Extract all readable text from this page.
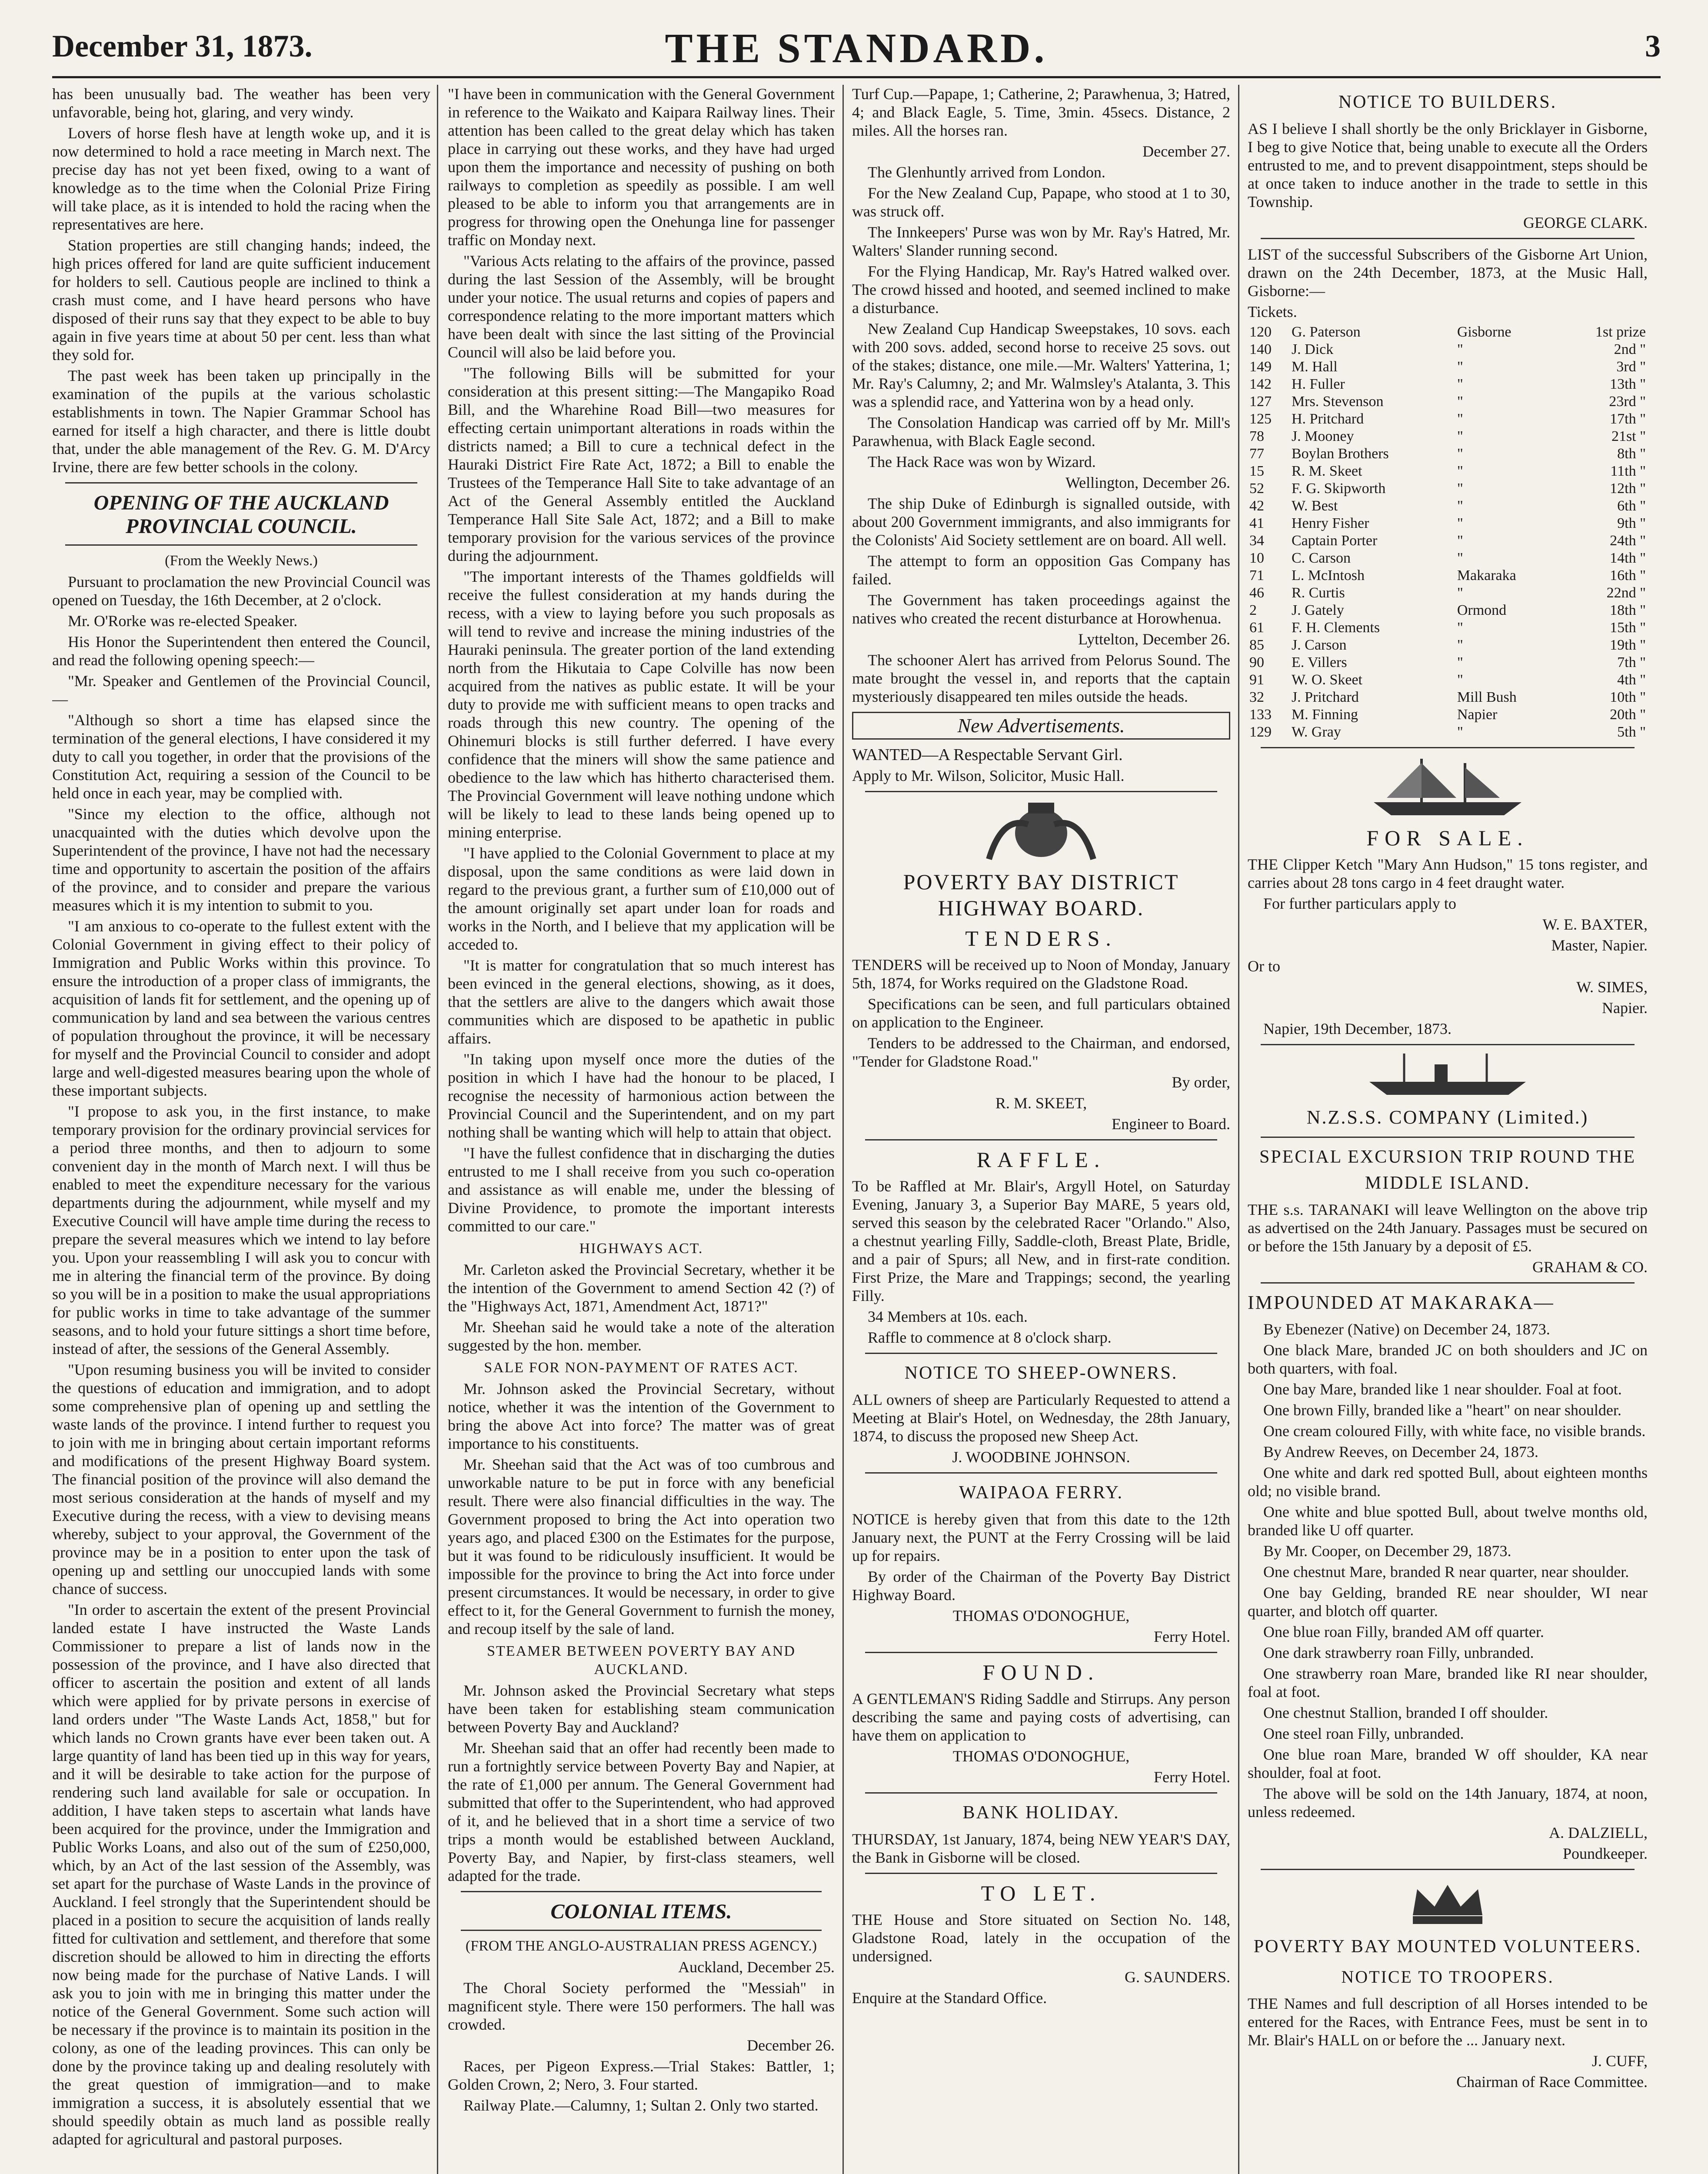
December 31, 1873.	THE STANDARD.	3

has been unusually bad. The weather has been very unfavorable, being hot, glaring, and very windy.

Lovers of horse flesh have at length woke up, and it is now determined to hold a race meeting in March next. The precise day has not yet been fixed, owing to a want of knowledge as to the time when the Colonial Prize Firing will take place, as it is intended to hold the racing when the representatives are here.

Station properties are still changing hands; indeed, the high prices offered for land are quite sufficient inducement for holders to sell. Cautious people are inclined to think a crash must come, and I have heard persons who have disposed of their runs say that they expect to be able to buy again in five years time at about 50 per cent. less than what they sold for.

The past week has been taken up principally in the examination of the pupils at the various scholastic establishments in town. The Napier Grammar School has earned for itself a high character, and there is little doubt that, under the able management of the Rev. G. M. D'Arcy Irvine, there are few better schools in the colony.

OPENING OF THE AUCKLAND PROVINCIAL COUNCIL.
(From the Weekly News.)

Pursuant to proclamation the new Provincial Council was opened on Tuesday, the 16th December, at 2 o'clock.

Mr. O'Rorke was re-elected Speaker.

His Honor the Superintendent then entered the Council, and read the following opening speech:—

"Mr. Speaker and Gentlemen of the Provincial Council,—

"Although so short a time has elapsed since the termination of the general elections, I have considered it my duty to call you together, in order that the provisions of the Constitution Act, requiring a session of the Council to be held once in each year, may be complied with.

"Since my election to the office, although not unacquainted with the duties which devolve upon the Superintendent of the province, I have not had the necessary time and opportunity to ascertain the position of the affairs of the province, and to consider and prepare the various measures which it is my intention to submit to you.

"I am anxious to co-operate to the fullest extent with the Colonial Government in giving effect to their policy of Immigration and Public Works within this province. To ensure the introduction of a proper class of immigrants, the acquisition of lands fit for settlement, and the opening up of communication by land and sea between the various centres of population throughout the province, it will be necessary for myself and the Provincial Council to consider and adopt large and well-digested measures bearing upon the whole of these important subjects.

"I propose to ask you, in the first instance, to make temporary provision for the ordinary provincial services for a period three months, and then to adjourn to some convenient day in the month of March next. I will thus be enabled to meet the expenditure necessary for the various departments during the adjournment, while myself and my Executive Council will have ample time during the recess to prepare the several measures which we intend to lay before you. Upon your reassembling I will ask you to concur with me in altering the financial term of the province. By doing so you will be in a position to make the usual appropriations for public works in time to take advantage of the summer seasons, and to hold your future sittings a short time before, instead of after, the sessions of the General Assembly.

"Upon resuming business you will be invited to consider the questions of education and immigration, and to adopt some comprehensive plan of opening up and settling the waste lands of the province. I intend further to request you to join with me in bringing about certain important reforms and modifications of the present Highway Board system. The financial position of the province will also demand the most serious consideration at the hands of myself and my Executive during the recess, with a view to devising means whereby, subject to your approval, the Government of the province may be in a position to enter upon the task of opening up and settling our unoccupied lands with some chance of success.

"In order to ascertain the extent of the present Provincial landed estate I have instructed the Waste Lands Commissioner to prepare a list of lands now in the possession of the province, and I have also directed that officer to ascertain the position and extent of all lands which were applied for by private persons in exercise of land orders under "The Waste Lands Act, 1858," but for which lands no Crown grants have ever been taken out. A large quantity of land has been tied up in this way for years, and it will be desirable to take action for the purpose of rendering such land available for sale or occupation. In addition, I have taken steps to ascertain what lands have been acquired for the province, under the Immigration and Public Works Loans, and also out of the sum of £250,000, which, by an Act of the last session of the Assembly, was set apart for the purchase of Waste Lands in the province of Auckland. I feel strongly that the Superintendent should be placed in a position to secure the acquisition of lands really fitted for cultivation and settlement, and therefore that some discretion should be allowed to him in directing the efforts now being made for the purchase of Native Lands. I will ask you to join with me in bringing this matter under the notice of the General Government. Some such action will be necessary if the province is to maintain its position in the colony, as one of the leading provinces. This can only be done by the province taking up and dealing resolutely with the great question of immigration—and to make immigration a success, it is absolutely essential that we should speedily obtain as much land as possible really adapted for agricultural and pastoral purposes.

"I have been in communication with the General Government in reference to the Waikato and Kaipara Railway lines. Their attention has been called to the great delay which has taken place in carrying out these works, and they have had urged upon them the importance and necessity of pushing on both railways to completion as speedily as possible. I am well pleased to be able to inform you that arrangements are in progress for throwing open the Onehunga line for passenger traffic on Monday next.

"Various Acts relating to the affairs of the province, passed during the last Session of the Assembly, will be brought under your notice. The usual returns and copies of papers and correspondence relating to the more important matters which have been dealt with since the last sitting of the Provincial Council will also be laid before you.

"The following Bills will be submitted for your consideration at this present sitting:—The Mangapiko Road Bill, and the Wharehine Road Bill—two measures for effecting certain unimportant alterations in roads within the districts named; a Bill to cure a technical defect in the Hauraki District Fire Rate Act, 1872; a Bill to enable the Trustees of the Temperance Hall Site to take advantage of an Act of the General Assembly entitled the Auckland Temperance Hall Site Sale Act, 1872; and a Bill to make temporary provision for the various services of the province during the adjournment.

"The important interests of the Thames goldfields will receive the fullest consideration at my hands during the recess, with a view to laying before you such proposals as will tend to revive and increase the mining industries of the Hauraki peninsula. The greater portion of the land extending north from the Hikutaia to Cape Colville has now been acquired from the natives as public estate. It will be your duty to provide me with sufficient means to open tracks and roads through this new country. The opening of the Ohinemuri blocks is still further deferred. I have every confidence that the miners will show the same patience and obedience to the law which has hitherto characterised them. The Provincial Government will leave nothing undone which will be likely to lead to these lands being opened up to mining enterprise.

"I have applied to the Colonial Government to place at my disposal, upon the same conditions as were laid down in regard to the previous grant, a further sum of £10,000 out of the amount originally set apart under loan for roads and works in the North, and I believe that my application will be acceded to.

"It is matter for congratulation that so much interest has been evinced in the general elections, showing, as it does, that the settlers are alive to the dangers which await those communities which are disposed to be apathetic in public affairs.

"In taking upon myself once more the duties of the position in which I have had the honour to be placed, I recognise the necessity of harmonious action between the Provincial Council and the Superintendent, and on my part nothing shall be wanting which will help to attain that object.

"I have the fullest confidence that in discharging the duties entrusted to me I shall receive from you such co-operation and assistance as will enable me, under the blessing of Divine Providence, to promote the important interests committed to our care."

HIGHWAYS ACT.

Mr. Carleton asked the Provincial Secretary, whether it be the intention of the Government to amend Section 42 (?) of the "Highways Act, 1871, Amendment Act, 1871?"

Mr. Sheehan said he would take a note of the alteration suggested by the hon. member.

SALE FOR NON-PAYMENT OF RATES ACT.

Mr. Johnson asked the Provincial Secretary, without notice, whether it was the intention of the Government to bring the above Act into force? The matter was of great importance to his constituents.

Mr. Sheehan said that the Act was of too cumbrous and unworkable nature to be put in force with any beneficial result. There were also financial difficulties in the way. The Government proposed to bring the Act into operation two years ago, and placed £300 on the Estimates for the purpose, but it was found to be ridiculously insufficient. It would be impossible for the province to bring the Act into force under present circumstances. It would be necessary, in order to give effect to it, for the General Government to furnish the money, and recoup itself by the sale of land.

STEAMER BETWEEN POVERTY BAY AND AUCKLAND.

Mr. Johnson asked the Provincial Secretary what steps have been taken for establishing steam communication between Poverty Bay and Auckland?

Mr. Sheehan said that an offer had recently been made to run a fortnightly service between Poverty Bay and Napier, at the rate of £1,000 per annum. The General Government had submitted that offer to the Superintendent, who had approved of it, and he believed that in a short time a service of two trips a month would be established between Auckland, Poverty Bay, and Napier, by first-class steamers, well adapted for the trade.

COLONIAL ITEMS.
(FROM THE ANGLO-AUSTRALIAN PRESS AGENCY.)
Auckland, December 25.

The Choral Society performed the "Messiah" in magnificent style. There were 150 performers. The hall was crowded.

December 26.

Races, per Pigeon Express.—Trial Stakes: Battler, 1; Golden Crown, 2; Nero, 3. Four started.

Railway Plate.—Calumny, 1; Sultan 2. Only two started.

Turf Cup.—Papape, 1; Catherine, 2; Parawhenua, 3; Hatred, 4; and Black Eagle, 5. Time, 3min. 45secs. Distance, 2 miles. All the horses ran.

December 27.

The Glenhuntly arrived from London.

For the New Zealand Cup, Papape, who stood at 1 to 30, was struck off.

The Innkeepers' Purse was won by Mr. Ray's Hatred, Mr. Walters' Slander running second.

For the Flying Handicap, Mr. Ray's Hatred walked over. The crowd hissed and hooted, and seemed inclined to make a disturbance.

New Zealand Cup Handicap Sweepstakes, 10 sovs. each with 200 sovs. added, second horse to receive 25 sovs. out of the stakes; distance, one mile.—Mr. Walters' Yatterina, 1; Mr. Ray's Calumny, 2; and Mr. Walmsley's Atalanta, 3. This was a splendid race, and Yatterina won by a head only.

The Consolation Handicap was carried off by Mr. Mill's Parawhenua, with Black Eagle second.

The Hack Race was won by Wizard.

Wellington, December 26.

The ship Duke of Edinburgh is signalled outside, with about 200 Government immigrants, and also immigrants for the Colonists' Aid Society settlement are on board. All well.

The attempt to form an opposition Gas Company has failed.

The Government has taken proceedings against the natives who created the recent disturbance at Horowhenua.

Lyttelton, December 26.

The schooner Alert has arrived from Pelorus Sound. The mate brought the vessel in, and reports that the captain mysteriously disappeared ten miles outside the heads.

New Advertisements.

WANTED—A Respectable Servant Girl.

Apply to Mr. Wilson, Solicitor, Music Hall.

POVERTY BAY DISTRICT HIGHWAY BOARD.
TENDERS.

TENDERS will be received up to Noon of Monday, January 5th, 1874, for Works required on the Gladstone Road.

Specifications can be seen, and full particulars obtained on application to the Engineer.

Tenders to be addressed to the Chairman, and endorsed, "Tender for Gladstone Road."

By order,
R. M. SKEET,
Engineer to Board.
RAFFLE.

To be Raffled at Mr. Blair's, Argyll Hotel, on Saturday Evening, January 3, a Superior Bay MARE, 5 years old, served this season by the celebrated Racer "Orlando." Also, a chestnut yearling Filly, Saddle-cloth, Breast Plate, Bridle, and a pair of Spurs; all New, and in first-rate condition. First Prize, the Mare and Trappings; second, the yearling Filly.

34 Members at 10s. each.

Raffle to commence at 8 o'clock sharp.

NOTICE TO SHEEP-OWNERS.

ALL owners of sheep are Particularly Requested to attend a Meeting at Blair's Hotel, on Wednesday, the 28th January, 1874, to discuss the proposed new Sheep Act.

J. WOODBINE JOHNSON.
WAIPAOA FERRY.

NOTICE is hereby given that from this date to the 12th January next, the PUNT at the Ferry Crossing will be laid up for repairs.

By order of the Chairman of the Poverty Bay District Highway Board.

THOMAS O'DONOGHUE,
Ferry Hotel.
FOUND.

A GENTLEMAN'S Riding Saddle and Stirrups. Any person describing the same and paying costs of advertising, can have them on application to

THOMAS O'DONOGHUE,
Ferry Hotel.
BANK HOLIDAY.

THURSDAY, 1st January, 1874, being NEW YEAR'S DAY, the Bank in Gisborne will be closed.

TO LET.

THE House and Store situated on Section No. 148, Gladstone Road, lately in the occupation of the undersigned.

G. SAUNDERS.

Enquire at the Standard Office.

NOTICE TO BUILDERS.

AS I believe I shall shortly be the only Bricklayer in Gisborne, I beg to give Notice that, being unable to execute all the Orders entrusted to me, and to prevent disappointment, steps should be at once taken to induce another in the trade to settle in this Township.

GEORGE CLARK.

LIST of the successful Subscribers of the Gisborne Art Union, drawn on the 24th December, 1873, at the Music Hall, Gisborne:—

Tickets.

120	G. Paterson	Gisborne	1st prize
140	J. Dick	"	2nd "
149	M. Hall	"	3rd "
142	H. Fuller	"	13th "
127	Mrs. Stevenson	"	23rd "
125	H. Pritchard	"	17th "
78	J. Mooney	"	21st "
77	Boylan Brothers	"	8th "
15	R. M. Skeet	"	11th "
52	F. G. Skipworth	"	12th "
42	W. Best	"	6th "
41	Henry Fisher	"	9th "
34	Captain Porter	"	24th "
10	C. Carson	"	14th "
71	L. McIntosh	Makaraka	16th "
46	R. Curtis	"	22nd "
2	J. Gately	Ormond	18th "
61	F. H. Clements	"	15th "
85	J. Carson	"	19th "
90	E. Villers	"	7th "
91	W. O. Skeet	"	4th "
32	J. Pritchard	Mill Bush	10th "
133	M. Finning	Napier	20th "
129	W. Gray	"	5th "
FOR SALE.

THE Clipper Ketch "Mary Ann Hudson," 15 tons register, and carries about 28 tons cargo in 4 feet draught water.

For further particulars apply to

W. E. BAXTER,
Master, Napier.

Or to

W. SIMES,
Napier.

Napier, 19th December, 1873.

N.Z.S.S. COMPANY (Limited.)
SPECIAL EXCURSION TRIP ROUND THE MIDDLE ISLAND.

THE s.s. TARANAKI will leave Wellington on the above trip as advertised on the 24th January. Passages must be secured on or before the 15th January by a deposit of £5.

GRAHAM & CO.
IMPOUNDED AT MAKARAKA—

By Ebenezer (Native) on December 24, 1873.

One black Mare, branded JC on both shoulders and JC on both quarters, with foal.

One bay Mare, branded like 1 near shoulder. Foal at foot.

One brown Filly, branded like a "heart" on near shoulder.

One cream coloured Filly, with white face, no visible brands.

By Andrew Reeves, on December 24, 1873.

One white and dark red spotted Bull, about eighteen months old; no visible brand.

One white and blue spotted Bull, about twelve months old, branded like U off quarter.

By Mr. Cooper, on December 29, 1873.

One chestnut Mare, branded R near quarter, near shoulder.

One bay Gelding, branded RE near shoulder, WI near quarter, and blotch off quarter.

One blue roan Filly, branded AM off quarter.

One dark strawberry roan Filly, unbranded.

One strawberry roan Mare, branded like RI near shoulder, foal at foot.

One chestnut Stallion, branded I off shoulder.

One steel roan Filly, unbranded.

One blue roan Mare, branded W off shoulder, KA near shoulder, foal at foot.

The above will be sold on the 14th January, 1874, at noon, unless redeemed.

A. DALZIELL,
Poundkeeper.
POVERTY BAY MOUNTED VOLUNTEERS.
NOTICE TO TROOPERS.

THE Names and full description of all Horses intended to be entered for the Races, with Entrance Fees, must be sent in to Mr. Blair's HALL on or before the ... January next.

J. CUFF,
Chairman of Race Committee.
